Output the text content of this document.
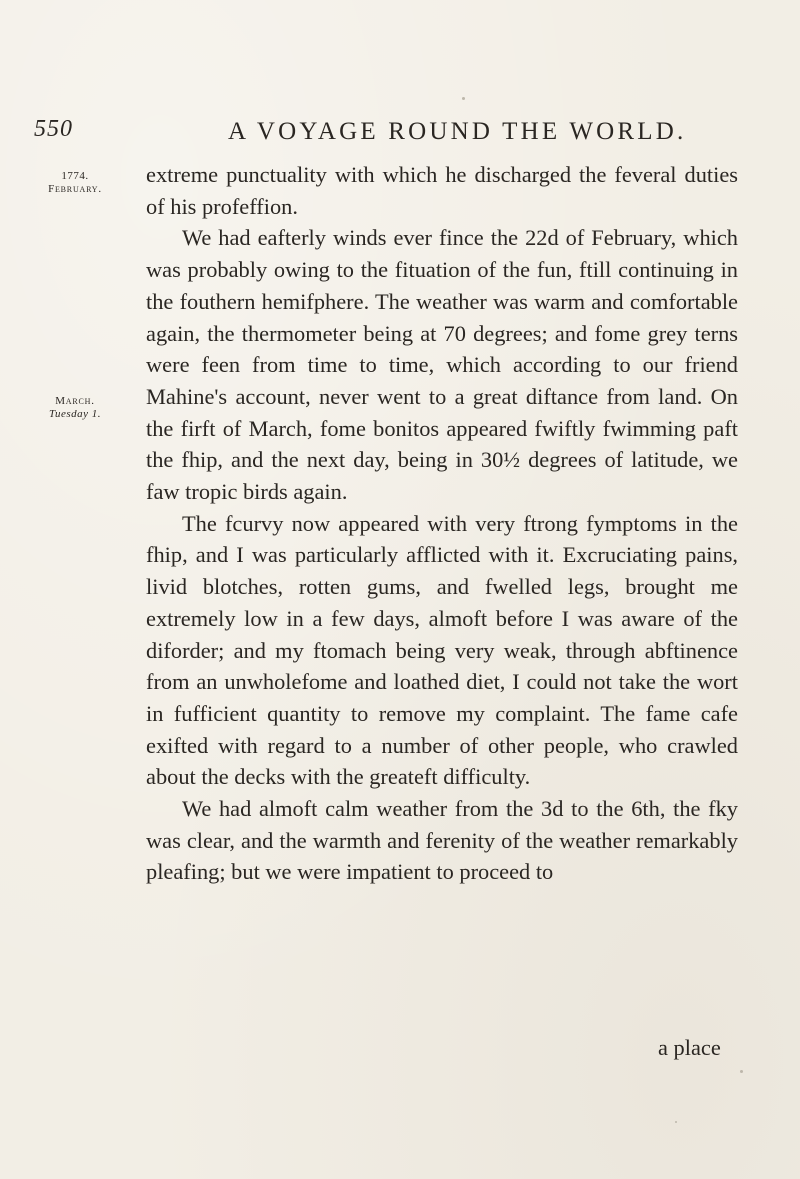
550	A VOYAGE ROUND THE WORLD.
1774.
February.
March.
Tuesday 1.

extreme punctuality with which he discharged the feveral duties of his profeffion.

We had eafterly winds ever fince the 22d of February, which was probably owing to the fituation of the fun, ftill continuing in the fouthern hemifphere. The weather was warm and comfortable again, the thermometer being at 70 degrees; and fome grey terns were feen from time to time, which according to our friend Mahine's account, never went to a great diftance from land. On the firft of March, fome bonitos appeared fwiftly fwimming paft the fhip, and the next day, being in 30½ degrees of latitude, we faw tropic birds again.

The fcurvy now appeared with very ftrong fymptoms in the fhip, and I was particularly afflicted with it. Excruciating pains, livid blotches, rotten gums, and fwelled legs, brought me extremely low in a few days, almoft before I was aware of the diforder; and my ftomach being very weak, through abftinence from an unwholefome and loathed diet, I could not take the wort in fufficient quantity to remove my complaint. The fame cafe exifted with regard to a number of other people, who crawled about the decks with the greateft difficulty.

We had almoft calm weather from the 3d to the 6th, the fky was clear, and the warmth and ferenity of the weather remarkably pleafing; but we were impatient to proceed to

a place
